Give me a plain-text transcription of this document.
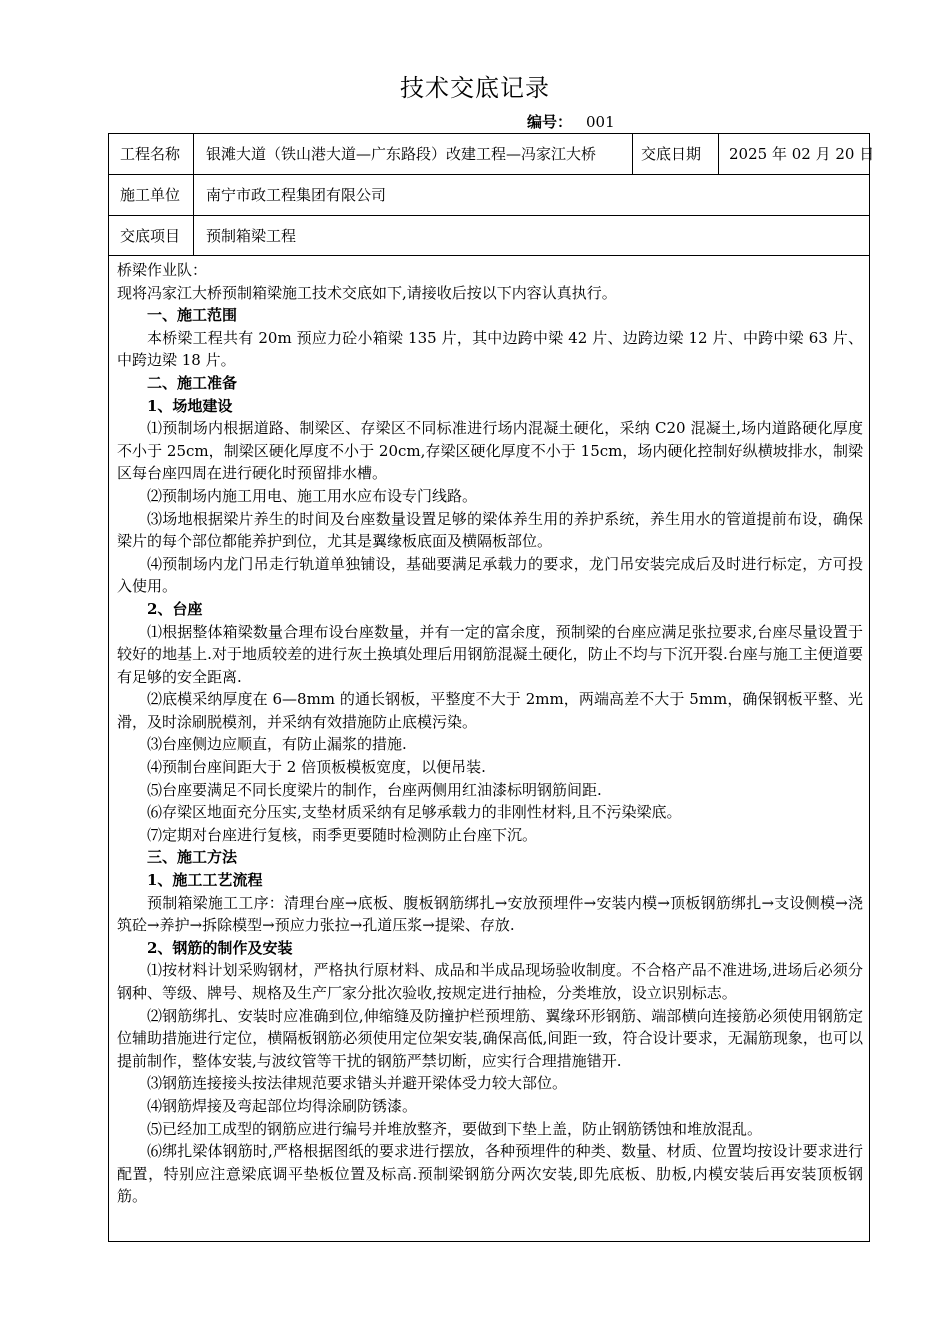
技术交底记录
编号： 001
工程名称 银滩大道（铁山港大道—广东路段）改建工程—冯家江大桥	交底日期 2025 年 02 月 20 日
施工单位 南宁市政工程集团有限公司
交底项目 预制箱梁工程

桥梁作业队：

现将冯家江大桥预制箱梁施工技术交底如下,请接收后按以下内容认真执行。

一、施工范围

本桥梁工程共有 20m 预应力砼小箱梁 135 片，其中边跨中梁 42 片、边跨边梁 12 片、中跨中梁 63 片、中跨边梁 18 片。

二、施工准备

1、场地建设

⑴预制场内根据道路、制梁区、存梁区不同标准进行场内混凝土硬化，采纳 C20 混凝土,场内道路硬化厚度不小于 25cm，制梁区硬化厚度不小于 20cm,存梁区硬化厚度不小于 15cm，场内硬化控制好纵横坡排水，制梁区每台座四周在进行硬化时预留排水槽。

⑵预制场内施工用电、施工用水应布设专门线路。

⑶场地根据梁片养生的时间及台座数量设置足够的梁体养生用的养护系统，养生用水的管道提前布设，确保梁片的每个部位都能养护到位，尤其是翼缘板底面及横隔板部位。

⑷预制场内龙门吊走行轨道单独铺设，基础要满足承载力的要求，龙门吊安装完成后及时进行标定，方可投入使用。

2、台座

⑴根据整体箱梁数量合理布设台座数量，并有一定的富余度，预制梁的台座应满足张拉要求,台座尽量设置于较好的地基上.对于地质较差的进行灰土换填处理后用钢筋混凝土硬化，防止不均与下沉开裂.台座与施工主便道要有足够的安全距离.

⑵底模采纳厚度在 6—8mm 的通长钢板，平整度不大于 2mm，两端高差不大于 5mm，确保钢板平整、光滑，及时涂刷脱模剂，并采纳有效措施防止底模污染。

⑶台座侧边应顺直，有防止漏浆的措施.

⑷预制台座间距大于 2 倍顶板模板宽度，以便吊装.

⑸台座要满足不同长度梁片的制作，台座两侧用红油漆标明钢筋间距.

⑹存梁区地面充分压实,支垫材质采纳有足够承载力的非刚性材料,且不污染梁底。

⑺定期对台座进行复核，雨季更要随时检测防止台座下沉。

三、施工方法

1、施工工艺流程

预制箱梁施工工序：清理台座→底板、腹板钢筋绑扎→安放预埋件→安装内模→顶板钢筋绑扎→支设侧模→浇筑砼→养护→拆除模型→预应力张拉→孔道压浆→提梁、存放.

2、钢筋的制作及安装

⑴按材料计划采购钢材，严格执行原材料、成品和半成品现场验收制度。不合格产品不准进场,进场后必须分钢种、等级、牌号、规格及生产厂家分批次验收,按规定进行抽检，分类堆放，设立识别标志。

⑵钢筋绑扎、安装时应准确到位,伸缩缝及防撞护栏预埋筋、翼缘环形钢筋、端部横向连接筋必须使用钢筋定位辅助措施进行定位，横隔板钢筋必须使用定位架安装,确保高低,间距一致，符合设计要求，无漏筋现象，也可以提前制作，整体安装,与波纹管等干扰的钢筋严禁切断，应实行合理措施错开.

⑶钢筋连接接头按法律规范要求错头并避开梁体受力较大部位。

⑷钢筋焊接及弯起部位均得涂刷防锈漆。

⑸已经加工成型的钢筋应进行编号并堆放整齐，要做到下垫上盖，防止钢筋锈蚀和堆放混乱。

⑹绑扎梁体钢筋时,严格根据图纸的要求进行摆放，各种预埋件的种类、数量、材质、位置均按设计要求进行配置，特别应注意梁底调平垫板位置及标高.预制梁钢筋分两次安装,即先底板、肋板,内模安装后再安装顶板钢筋。
